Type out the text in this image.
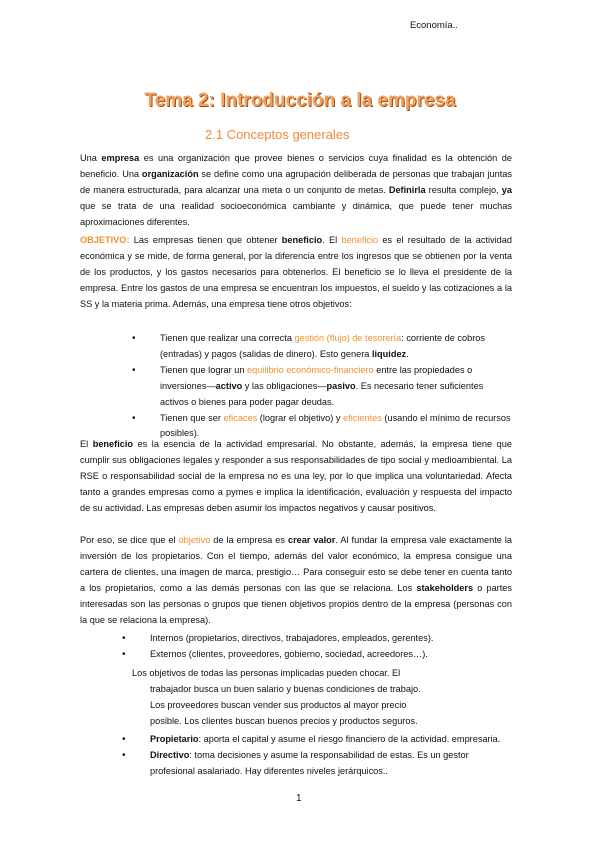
Economía..
Tema 2: Introducción a la empresa
2.1 Conceptos generales
Una empresa es una organización que provee bienes o servicios cuya finalidad es la obtención de beneficio. Una organización se define como una agrupación deliberada de personas que trabajan juntas de manera estructurada, para alcanzar una meta o un conjunto de metas. Definirla resulta complejo, ya que se trata de una realidad socioeconómica cambiante y dinámica, que puede tener muchas aproximaciones diferentes.
OBJETIVO: Las empresas tienen que obtener beneficio. El beneficio es el resultado de la actividad económica y se mide, de forma general, por la diferencia entre los ingresos que se obtienen por la venta de los productos, y los gastos necesarios para obtenerlos. El beneficio se lo lleva el presidente de la empresa. Entre los gastos de una empresa se encuentran los impuestos, el sueldo y las cotizaciones a la SS y la materia prima. Además, una empresa tiene otros objetivos:
• Tienen que realizar una correcta gestión (flujo) de tesorería: corriente de cobros (entradas) y pagos (salidas de dinero). Esto genera liquidez.
• Tienen que lograr un equilibrio económico-financiero entre las propiedades o inversiones—activo y las obligaciones—pasivo. Es necesario tener suficientes activos o bienes para poder pagar deudas.
• Tienen que ser eficaces (lograr el objetivo) y eficientes (usando el mínimo de recursos posibles).
El beneficio es la esencia de la actividad empresarial. No obstante, además, la empresa tiene que cumplir sus obligaciones legales y responder a sus responsabilidades de tipo social y medioambiental. La RSE o responsabilidad social de la empresa no es una ley, por lo que implica una voluntariedad. Afecta tanto a grandes empresas como a pymes e implica la identificación, evaluación y respuesta del impacto de su actividad. Las empresas deben asumir los impactos negativos y causar positivos.
Por eso, se dice que el objetivo de la empresa es crear valor. Al fundar la empresa vale exactamente la inversión de los propietarios. Con el tiempo, además del valor económico, la empresa consigue una cartera de clientes, una imagen de marca, prestigio… Para conseguir esto se debe tener en cuenta tanto a los propietarios, como a las demás personas con las que se relaciona. Los stakeholders o partes interesadas son las personas o grupos que tienen objetivos propios dentro de la empresa (personas con la que se relaciona la empresa).
• Internos (propietarios, directivos, trabajadores, empleados, gerentes).
• Externos (clientes, proveedores, gobierno, sociedad, acreedores…).
Los objetivos de todas las personas implicadas pueden chocar. El
trabajador busca un buen salario y buenas condiciones de trabajo.
Los proveedores buscan vender sus productos al mayor precio
posible. Los clientes buscan buenos precios y productos seguros.
• Propietario: aporta el capital y asume el riesgo financiero de la actividad. empresaria.
• Directivo: toma decisiones y asume la responsabilidad de estas. Es un gestor profesional asalariado. Hay diferentes niveles jerárquicos..
1
